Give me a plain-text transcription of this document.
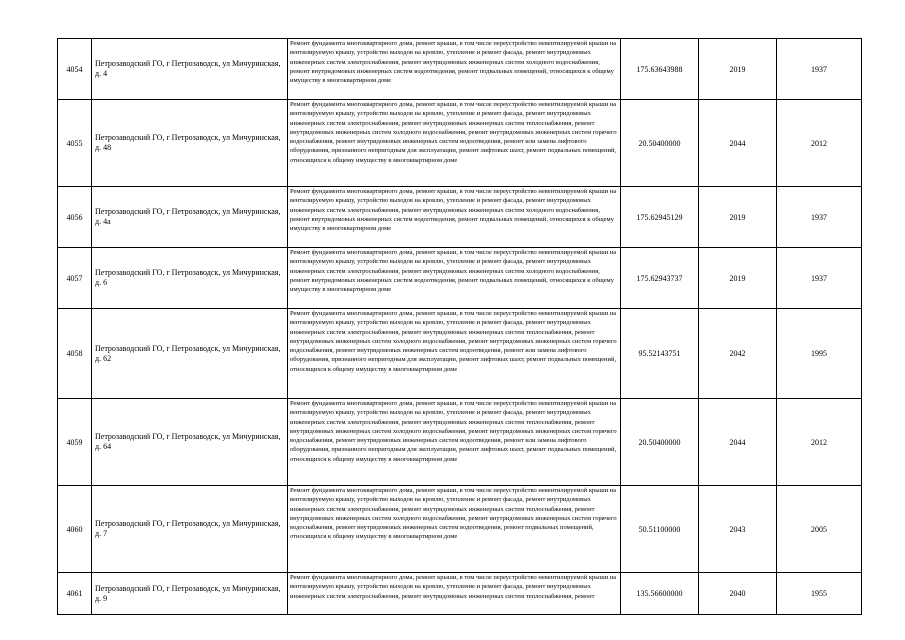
4054	Петрозаводский ГО, г Петрозаводск, ул Мичуринская, д. 4	Ремонт фундамента многоквартирного дома, ремонт крыши, в том числе переустройство невентилируемой крыши на вентилируемую крышу, устройство выходов на кровлю, утепление и ремонт фасада, ремонт внутридомовых инженерных систем электроснабжения, ремонт внутридомовых инженерных систем холодного водоснабжения, ремонт внутридомовых инженерных систем водоотведения, ремонт подвальных помещений, относящихся к общему имуществу в многоквартирном доме	175.63643988	2019	1937
4055	Петрозаводский ГО, г Петрозаводск, ул Мичуринская, д. 48	Ремонт фундамента многоквартирного дома, ремонт крыши, в том числе переустройство невентилируемой крыши на вентилируемую крышу, устройство выходов на кровлю, утепление и ремонт фасада, ремонт внутридомовых инженерных систем электроснабжения, ремонт внутридомовых инженерных систем теплоснабжения, ремонт внутридомовых инженерных систем холодного водоснабжения, ремонт внутридомовых инженерных систем горячего водоснабжения, ремонт внутридомовых инженерных систем водоотведения, ремонт или замена лифтового оборудования, признанного непригодным для эксплуатации, ремонт лифтовых шахт, ремонт подвальных помещений, относящихся к общему имуществу в многоквартирном доме	20.50400000	2044	2012
4056	Петрозаводский ГО, г Петрозаводск, ул Мичуринская, д. 4а	Ремонт фундамента многоквартирного дома, ремонт крыши, в том числе переустройство невентилируемой крыши на вентилируемую крышу, устройство выходов на кровлю, утепление и ремонт фасада, ремонт внутридомовых инженерных систем электроснабжения, ремонт внутридомовых инженерных систем холодного водоснабжения, ремонт внутридомовых инженерных систем водоотведения, ремонт подвальных помещений, относящихся к общему имуществу в многоквартирном доме	175.62945129	2019	1937
4057	Петрозаводский ГО, г Петрозаводск, ул Мичуринская, д. 6	Ремонт фундамента многоквартирного дома, ремонт крыши, в том числе переустройство невентилируемой крыши на вентилируемую крышу, устройство выходов на кровлю, утепление и ремонт фасада, ремонт внутридомовых инженерных систем электроснабжения, ремонт внутридомовых инженерных систем холодного водоснабжения, ремонт внутридомовых инженерных систем водоотведения, ремонт подвальных помещений, относящихся к общему имуществу в многоквартирном доме	175.62943737	2019	1937
4058	Петрозаводский ГО, г Петрозаводск, ул Мичуринская, д. 62	Ремонт фундамента многоквартирного дома, ремонт крыши, в том числе переустройство невентилируемой крыши на вентилируемую крышу, устройство выходов на кровлю, утепление и ремонт фасада, ремонт внутридомовых инженерных систем электроснабжения, ремонт внутридомовых инженерных систем теплоснабжения, ремонт внутридомовых инженерных систем холодного водоснабжения, ремонт внутридомовых инженерных систем горячего водоснабжения, ремонт внутридомовых инженерных систем водоотведения, ремонт или замена лифтового оборудования, признанного непригодным для эксплуатации, ремонт лифтовых шахт, ремонт подвальных помещений, относящихся к общему имуществу в многоквартирном доме	95.52143751	2042	1995
4059	Петрозаводский ГО, г Петрозаводск, ул Мичуринская, д. 64	Ремонт фундамента многоквартирного дома, ремонт крыши, в том числе переустройство невентилируемой крыши на вентилируемую крышу, устройство выходов на кровлю, утепление и ремонт фасада, ремонт внутридомовых инженерных систем электроснабжения, ремонт внутридомовых инженерных систем теплоснабжения, ремонт внутридомовых инженерных систем холодного водоснабжения, ремонт внутридомовых инженерных систем горячего водоснабжения, ремонт внутридомовых инженерных систем водоотведения, ремонт или замена лифтового оборудования, признанного непригодным для эксплуатации, ремонт лифтовых шахт, ремонт подвальных помещений, относящихся к общему имуществу в многоквартирном доме	20.50400000	2044	2012
4060	Петрозаводский ГО, г Петрозаводск, ул Мичуринская, д. 7	Ремонт фундамента многоквартирного дома, ремонт крыши, в том числе переустройство невентилируемой крыши на вентилируемую крышу, устройство выходов на кровлю, утепление и ремонт фасада, ремонт внутридомовых инженерных систем электроснабжения, ремонт внутридомовых инженерных систем теплоснабжения, ремонт внутридомовых инженерных систем холодного водоснабжения, ремонт внутридомовых инженерных систем горячего водоснабжения, ремонт внутридомовых инженерных систем водоотведения, ремонт подвальных помещений, относящихся к общему имуществу в многоквартирном доме	50.51100000	2043	2005
4061	Петрозаводский ГО, г Петрозаводск, ул Мичуринская, д. 9	Ремонт фундамента многоквартирного дома, ремонт крыши, в том числе переустройство невентилируемой крыши на вентилируемую крышу, устройство выходов на кровлю, утепление и ремонт фасада, ремонт внутридомовых инженерных систем электроснабжения, ремонт внутридомовых инженерных систем теплоснабжения, ремонт	135.56600000	2040	1955
